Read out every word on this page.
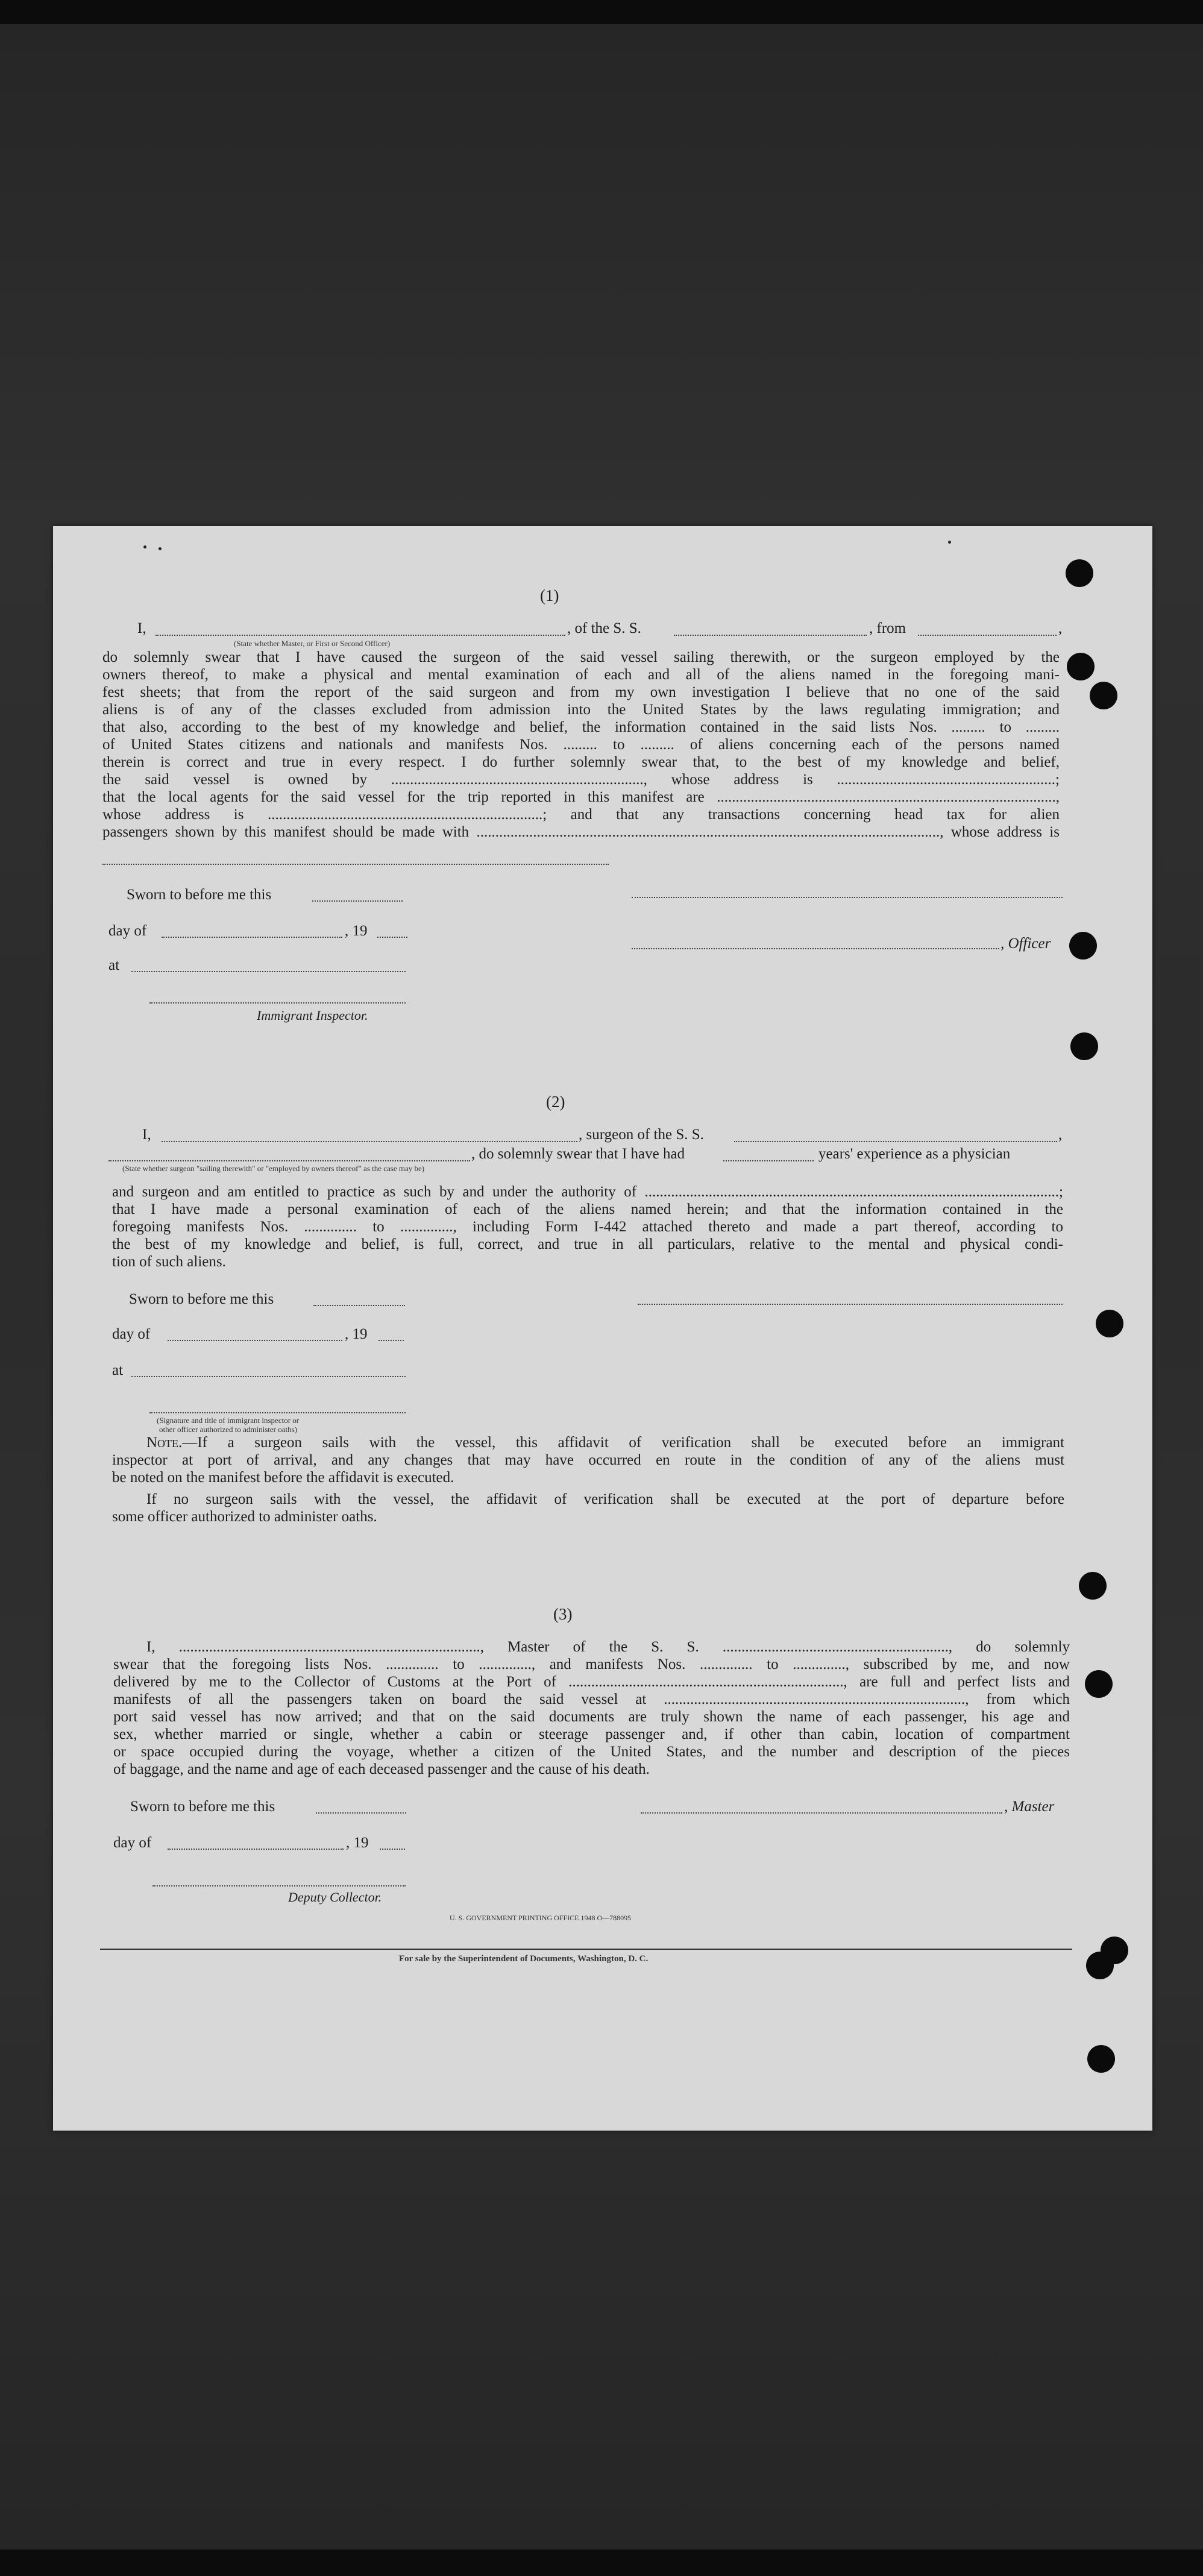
(1)
I,	, of the S. S.	, from	,
(State whether Master, or First or Second Officer)
do solemnly swear that I have caused the surgeon of the said vessel sailing therewith, or the surgeon employed by the
owners thereof, to make a physical and mental examination of each and all of the aliens named in the foregoing mani-
fest sheets; that from the report of the said surgeon and from my own investigation I believe that no one of the said
aliens is of any of the classes excluded from admission into the United States by the laws regulating immigration; and
that also, according to the best of my knowledge and belief, the information contained in the said lists Nos. ......... to .........
of United States citizens and nationals and manifests Nos. ......... to ......... of aliens concerning each of the persons named
therein is correct and true in every respect. I do further solemnly swear that, to the best of my knowledge and belief,
the said vessel is owned by ..................................................................., whose address is ..........................................................;
that the local agents for the said vessel for the trip reported in this manifest are ..........................................................................................,
whose address is .........................................................................; and that any transactions concerning head tax for alien
passengers shown by this manifest should be made with ..........................................................................................................................., whose address is
Sworn to before me this
day of	, 19
, Officer
at
Immigrant Inspector.
(2)
I,	, surgeon of the S. S.	,
, do solemnly swear that I have had	years' experience as a physician
(State whether surgeon "sailing therewith" or "employed by owners thereof" as the case may be)
and surgeon and am entitled to practice as such by and under the authority of ..............................................................................................................;
that I have made a personal examination of each of the aliens named herein; and that the information contained in the
foregoing manifests Nos. .............. to .............., including Form I-442 attached thereto and made a part thereof, according to
the best of my knowledge and belief, is full, correct, and true in all particulars, relative to the mental and physical condi-
tion of such aliens.
Sworn to before me this
day of	, 19
at
(Signature and title of immigrant inspector or
other officer authorized to administer oaths)
Note.—If a surgeon sails with the vessel, this affidavit of verification shall be executed before an immigrant
inspector at port of arrival, and any changes that may have occurred en route in the condition of any of the aliens must
be noted on the manifest before the affidavit is executed.
If no surgeon sails with the vessel, the affidavit of verification shall be executed at the port of departure before
some officer authorized to administer oaths.
(3)
I, ................................................................................, Master of the S. S. ............................................................, do solemnly
swear that the foregoing lists Nos. .............. to .............., and manifests Nos. .............. to .............., subscribed by me, and now
delivered by me to the Collector of Customs at the Port of ........................................................................., are full and perfect lists and
manifests of all the passengers taken on board the said vessel at ................................................................................, from which
port said vessel has now arrived; and that on the said documents are truly shown the name of each passenger, his age and
sex, whether married or single, whether a cabin or steerage passenger and, if other than cabin, location of compartment
or space occupied during the voyage, whether a citizen of the United States, and the number and description of the pieces
of baggage, and the name and age of each deceased passenger and the cause of his death.
Sworn to before me this	, Master
day of	, 19
Deputy Collector.
U. S. GOVERNMENT PRINTING OFFICE 1948 O—788095
For sale by the Superintendent of Documents, Washington, D. C.
